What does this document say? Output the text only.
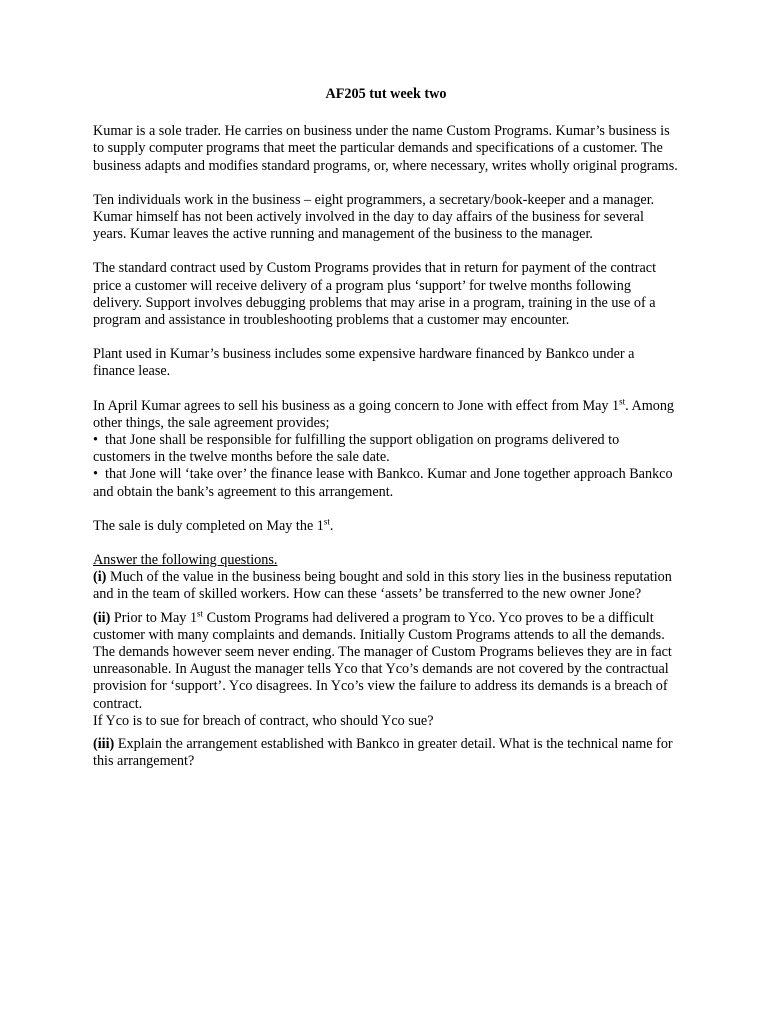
AF205 tut week two

Kumar is a sole trader. He carries on business under the name Custom Programs. Kumar’s business is to supply computer programs that meet the particular demands and specifications of a customer. The business adapts and modifies standard programs, or, where necessary, writes wholly original programs.

Ten individuals work in the business – eight programmers, a secretary/book-keeper and a manager. Kumar himself has not been actively involved in the day to day affairs of the business for several years. Kumar leaves the active running and management of the business to the manager.

The standard contract used by Custom Programs provides that in return for payment of the contract price a customer will receive delivery of a program plus ‘support’ for twelve months following delivery. Support involves debugging problems that may arise in a program, training in the use of a program and assistance in troubleshooting problems that a customer may encounter.

Plant used in Kumar’s business includes some expensive hardware financed by Bankco under a finance lease.

In April Kumar agrees to sell his business as a going concern to Jone with effect from May 1st. Among other things, the sale agreement provides;
• that Jone shall be responsible for fulfilling the support obligation on programs delivered to customers in the twelve months before the sale date.
• that Jone will ‘take over’ the finance lease with Bankco. Kumar and Jone together approach Bankco and obtain the bank’s agreement to this arrangement.

The sale is duly completed on May the 1st.

Answer the following questions.
(i) Much of the value in the business being bought and sold in this story lies in the business reputation and in the team of skilled workers. How can these ‘assets’ be transferred to the new owner Jone?
(ii) Prior to May 1st Custom Programs had delivered a program to Yco. Yco proves to be a difficult customer with many complaints and demands. Initially Custom Programs attends to all the demands. The demands however seem never ending. The manager of Custom Programs believes they are in fact unreasonable. In August the manager tells Yco that Yco’s demands are not covered by the contractual provision for ‘support’. Yco disagrees. In Yco’s view the failure to address its demands is a breach of contract.
If Yco is to sue for breach of contract, who should Yco sue?
(iii) Explain the arrangement established with Bankco in greater detail. What is the technical name for this arrangement?
